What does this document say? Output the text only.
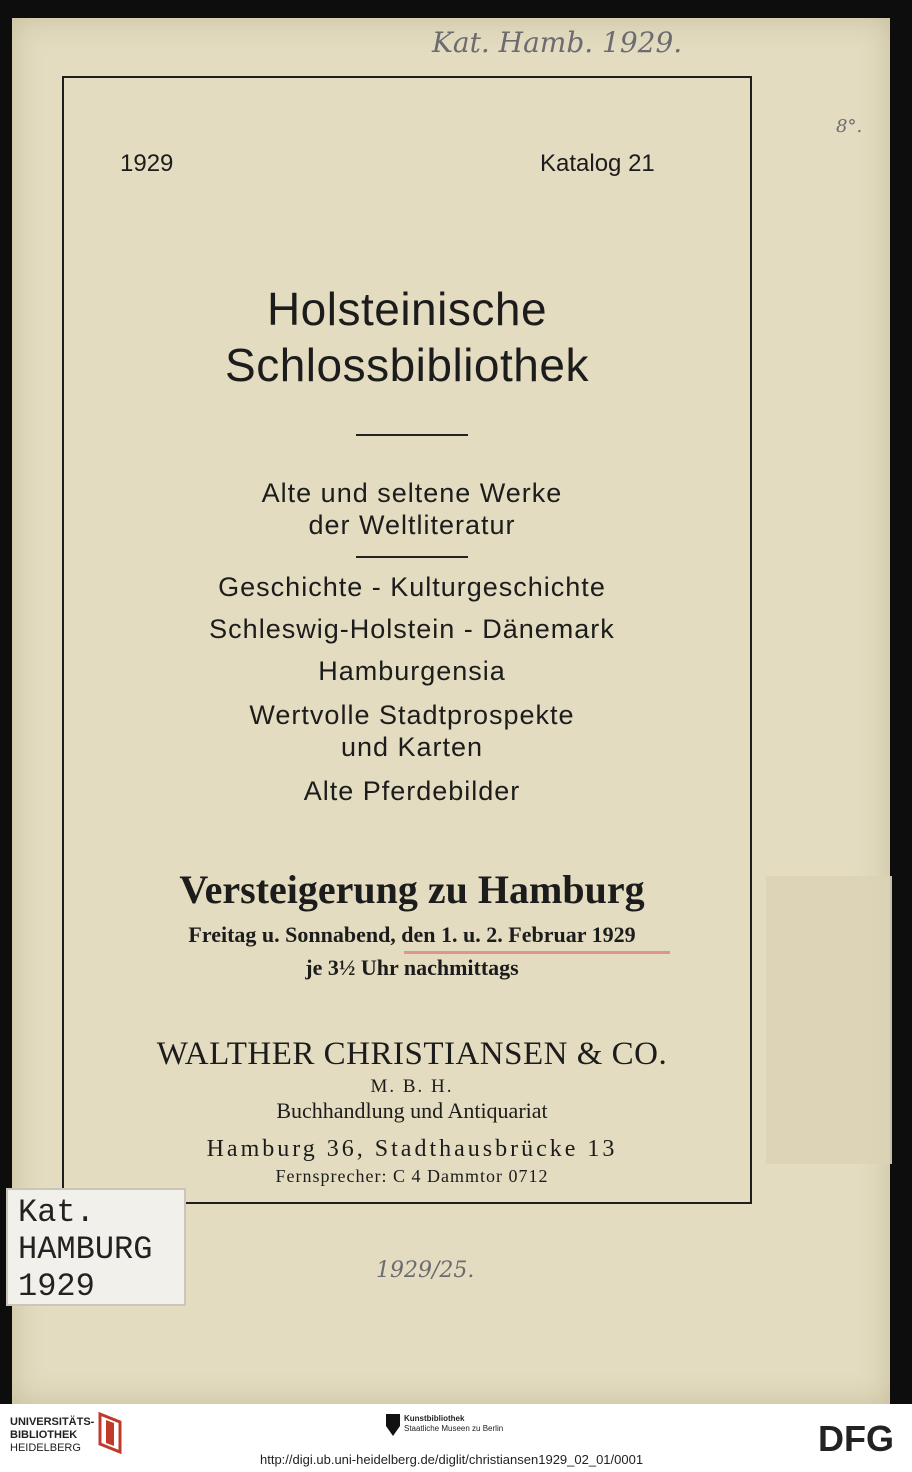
1929	Katalog 21
Holsteinische
Schlossbibliothek
Alte und seltene Werke
der Weltliteratur
Geschichte - Kulturgeschichte
Schleswig-Holstein - Dänemark
Hamburgensia
Wertvolle Stadtprospekte
und Karten
Alte Pferdebilder
Versteigerung zu Hamburg
Freitag u. Sonnabend, den 1. u. 2. Februar 1929
je 3½ Uhr nachmittags
WALTHER CHRISTIANSEN & CO.
M. B. H.
Buchhandlung und Antiquariat
Hamburg 36, Stadthausbrücke 13
Fernsprecher: C 4 Dammtor 0712
Kat. Hamb. 1929.
8°.
1929/25.
Kat.
HAMBURG
1929
UNIVERSITÄTS-
BIBLIOTHEK
HEIDELBERG
Kunstbibliothek
Staatliche Museen zu Berlin	DFG
http://digi.ub.uni-heidelberg.de/diglit/christiansen1929_02_01/0001
